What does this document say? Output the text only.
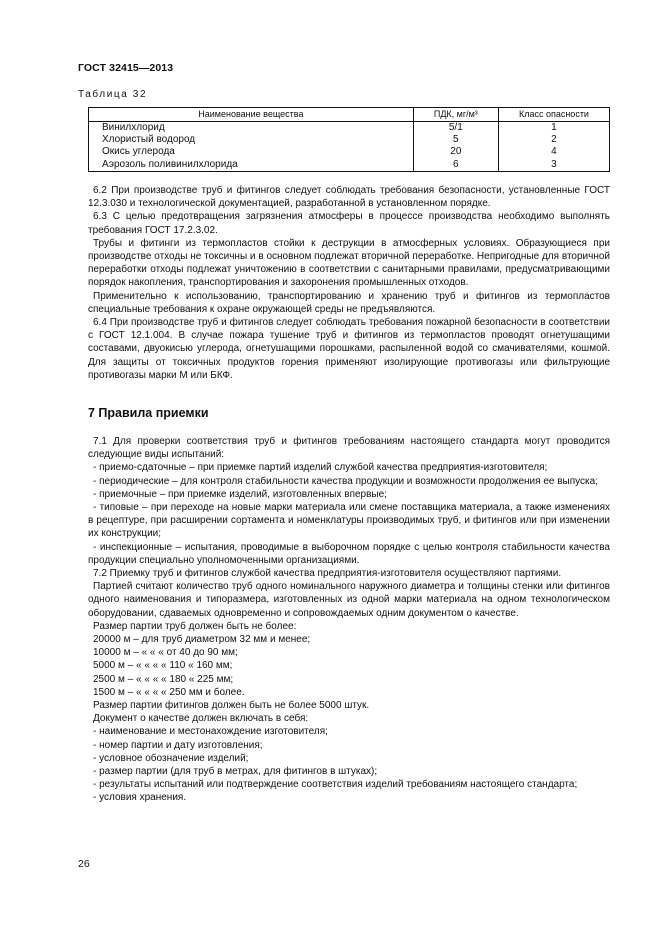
ГОСТ 32415—2013
Таблица 32
Наименование вещества	ПДК, мг/м³	Класс опасности
Винилхлорид	5/1	1
Хлористый водород	5	2
Окись углерода	20	4
Аэрозоль поливинилхлорида	6	3

6.2 При производстве труб и фитингов следует соблюдать требования безопасности, установленные ГОСТ 12.3.030 и технологической документацией, разработанной в установленном порядке.

6.3 С целью предотвращения загрязнения атмосферы в процессе производства необходимо выполнять требования ГОСТ 17.2.3.02.

Трубы и фитинги из термопластов стойки к деструкции в атмосферных условиях. Образующиеся при производстве отходы не токсичны и в основном подлежат вторичной переработке. Непригодные для вторичной переработки отходы подлежат уничтожению в соответствии с санитарными правилами, предусматривающими порядок накопления, транспортирования и захоронения промышленных отходов.

Применительно к использованию, транспортированию и хранению труб и фитингов из термопластов специальные требования к охране окружающей среды не предъявляются.

6.4 При производстве труб и фитингов следует соблюдать требования пожарной безопасности в соответствии с ГОСТ 12.1.004. В случае пожара тушение труб и фитингов из термопластов проводят огнетушащими составами, двуокисью углерода, огнетушащими порошками, распыленной водой со смачивателями, кошмой. Для защиты от токсичных продуктов горения применяют изолирующие противогазы или фильтрующие противогазы марки М или БКФ.

7 Правила приемки

7.1 Для проверки соответствия труб и фитингов требованиям настоящего стандарта могут проводится следующие виды испытаний:

- приемо-сдаточные – при приемке партий изделий службой качества предприятия-изготовителя;

- периодические – для контроля стабильности качества продукции и возможности продолжения ее выпуска;

- приемочные – при приемке изделий, изготовленных впервые;

- типовые – при переходе на новые марки материала или смене поставщика материала, а также изменениях в рецептуре, при расширении сортамента и номенклатуры производимых труб, и фитингов или при изменении их конструкции;

- инспекционные – испытания, проводимые в выборочном порядке с целью контроля стабильности качества продукции специально уполномоченными организациями.

7.2 Приемку труб и фитингов службой качества предприятия-изготовителя осуществляют партиями.

Партией считают количество труб одного номинального наружного диаметра и толщины стенки или фитингов одного наименования и типоразмера, изготовленных из одной марки материала на одном технологическом оборудовании, сдаваемых одновременно и сопровождаемых одним документом о качестве.

Размер партии труб должен быть не более:

20000 м – для труб диаметром 32 мм и менее;

10000 м – « « « от 40 до 90 мм;

5000 м – « « « « 110 « 160 мм;

2500 м – « « « « 180 « 225 мм;

1500 м – « « « « 250 мм и более.

Размер партии фитингов должен быть не более 5000 штук.

Документ о качестве должен включать в себя:

- наименование и местонахождение изготовителя;

- номер партии и дату изготовления;

- условное обозначение изделий;

- размер партии (для труб в метрах, для фитингов в штуках);

- результаты испытаний или подтверждение соответствия изделий требованиям настоящего стандарта;

- условия хранения.

26
